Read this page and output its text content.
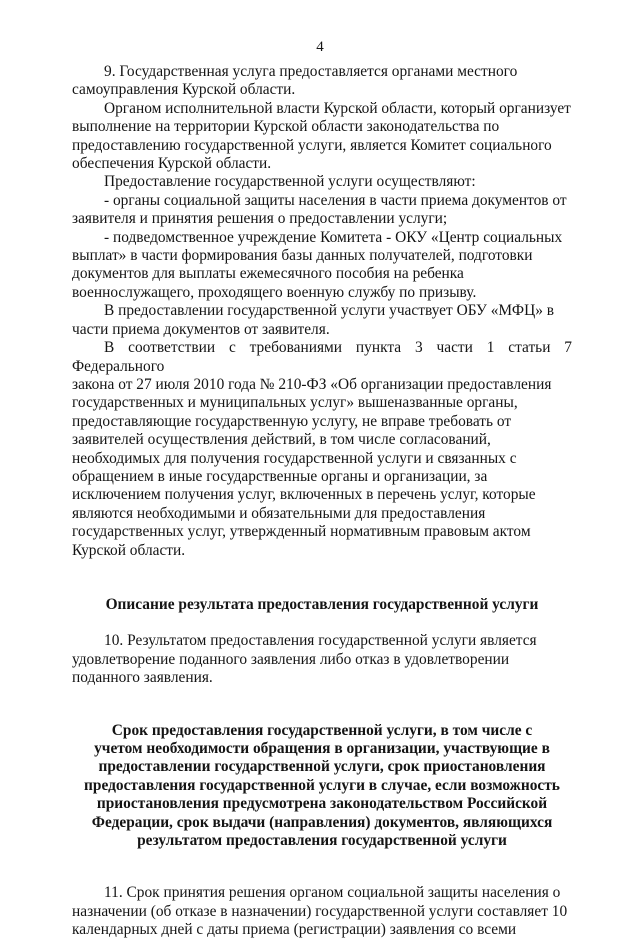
4

9. Государственная услуга предоставляется органами местного
самоуправления Курской области.

Органом исполнительной власти Курской области, который организует
выполнение на территории Курской области законодательства по
предоставлению государственной услуги, является Комитет социального
обеспечения Курской области.

Предоставление государственной услуги осуществляют:

- органы социальной защиты населения в части приема документов от
заявителя и принятия решения о предоставлении услуги;

- подведомственное учреждение Комитета - ОКУ «Центр социальных
выплат» в части формирования базы данных получателей, подготовки
документов для выплаты ежемесячного пособия на ребенка
военнослужащего, проходящего военную службу по призыву.

В предоставлении государственной услуги участвует ОБУ «МФЦ» в
части приема документов от заявителя.

В соответствии с требованиями пункта 3 части 1 статьи 7 Федерального
закона от 27 июля 2010 года № 210-ФЗ «Об организации предоставления
государственных и муниципальных услуг» вышеназванные органы,
предоставляющие государственную услугу, не вправе требовать от
заявителей осуществления действий, в том числе согласований,
необходимых для получения государственной услуги и связанных с
обращением в иные государственные органы и организации, за
исключением получения услуг, включенных в перечень услуг, которые
являются необходимыми и обязательными для предоставления
государственных услуг, утвержденный нормативным правовым актом
Курской области.

Описание результата предоставления государственной услуги

10. Результатом предоставления государственной услуги является
удовлетворение поданного заявления либо отказ в удовлетворении
поданного заявления.

Срок предоставления государственной услуги, в том числе с
учетом необходимости обращения в организации, участвующие в
предоставлении государственной услуги, срок приостановления
предоставления государственной услуги в случае, если возможность
приостановления предусмотрена законодательством Российской
Федерации, срок выдачи (направления) документов, являющихся
результатом предоставления государственной услуги

11. Срок принятия решения органом социальной защиты населения о
назначении (об отказе в назначении) государственной услуги составляет 10
календарных дней с даты приема (регистрации) заявления со всеми
